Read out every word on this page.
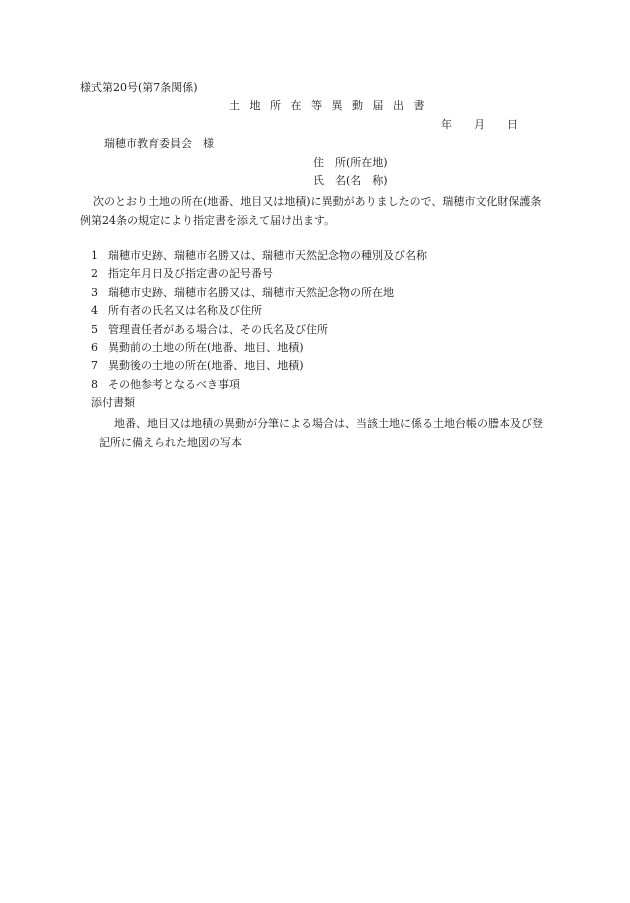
様式第20号(第7条関係)
土 地 所 在 等 異 動 届 出 書
年 月 日
瑞穂市教育委員会　様
住　所(所在地)
氏　名(名　称)

次のとおり土地の所在(地番、地目又は地積)に異動がありましたので、瑞穂市文化財保護条例第24条の規定により指定書を添えて届け出ます。

1 瑞穂市史跡、瑞穂市名勝又は、瑞穂市天然記念物の種別及び名称
2 指定年月日及び指定書の記号番号
3 瑞穂市史跡、瑞穂市名勝又は、瑞穂市天然記念物の所在地
4 所有者の氏名又は名称及び住所
5 管理責任者がある場合は、その氏名及び住所
6 異動前の土地の所在(地番、地目、地積)
7 異動後の土地の所在(地番、地目、地積)
8 その他参考となるべき事項
添付書類

地番、地目又は地積の異動が分筆による場合は、当該土地に係る土地台帳の謄本及び登記所に備えられた地図の写本
